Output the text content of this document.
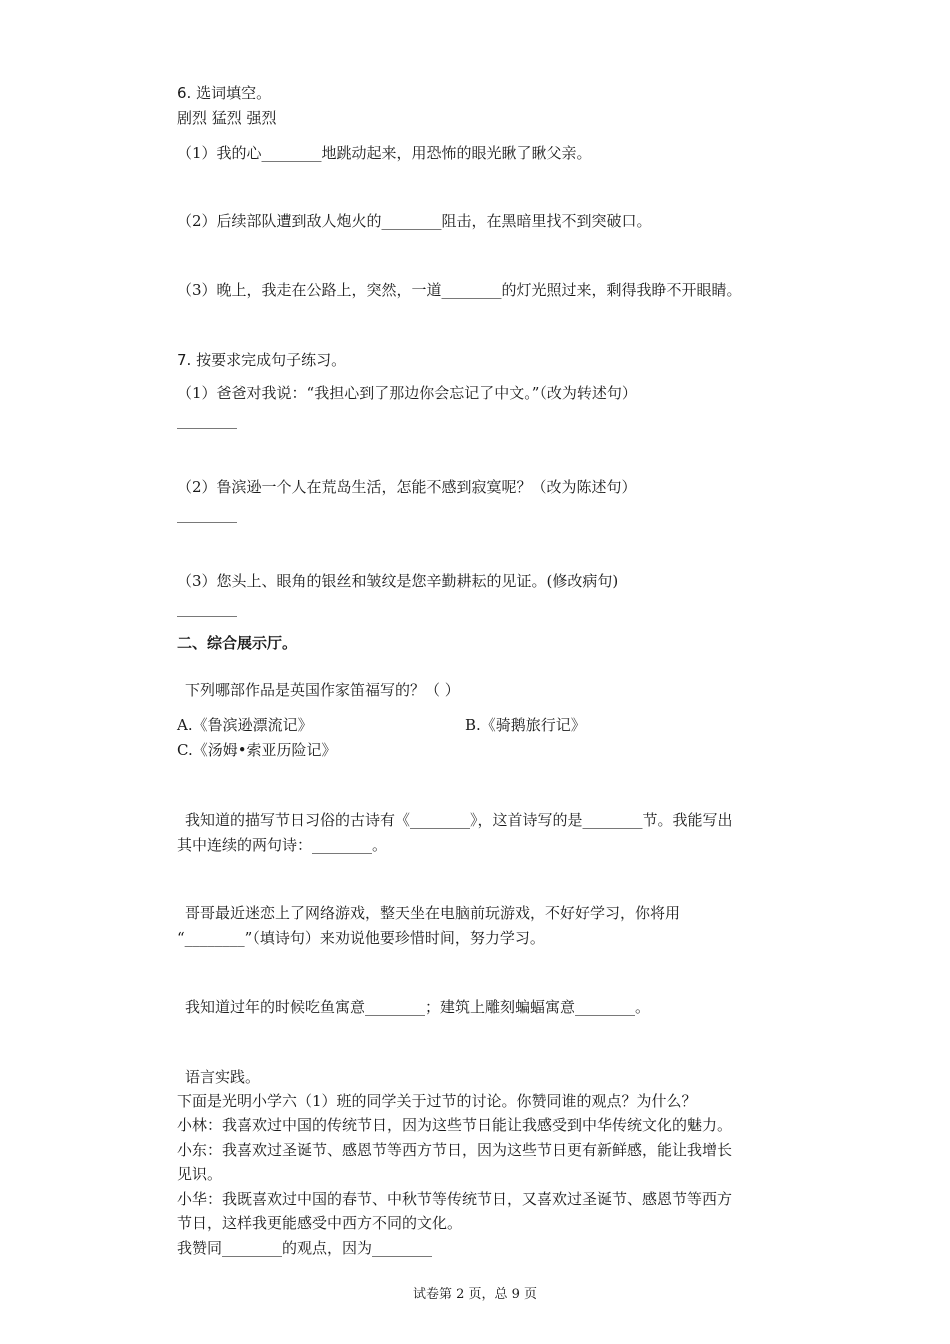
6. 选词填空。

剧烈 猛烈 强烈

（1）我的心________地跳动起来，用恐怖的眼光瞅了瞅父亲。

（2）后续部队遭到敌人炮火的________阻击，在黑暗里找不到突破口。

（3）晚上，我走在公路上，突然，一道________的灯光照过来，剩得我睁不开眼睛。

7. 按要求完成句子练习。

（1）爸爸对我说：“我担心到了那边你会忘记了中文。”（改为转述句）

________

（2）鲁滨逊一个人在荒岛生活，怎能不感到寂寞呢？（改为陈述句）

________

（3）您头上、眼角的银丝和皱纹是您辛勤耕耘的见证。(修改病句)

________

二、综合展示厅。

下列哪部作品是英国作家笛福写的？（ ）

A.《鲁滨逊漂流记》	B.《骑鹅旅行记》

C.《汤姆•索亚历险记》

我知道的描写节日习俗的古诗有《________》，这首诗写的是________节。我能写出

其中连续的两句诗：________。

哥哥最近迷恋上了网络游戏，整天坐在电脑前玩游戏，不好好学习，你将用

“________”（填诗句）来劝说他要珍惜时间，努力学习。

我知道过年的时候吃鱼寓意________；建筑上雕刻蝙蝠寓意________。

语言实践。

下面是光明小学六（1）班的同学关于过节的讨论。你赞同谁的观点？为什么？

小林：我喜欢过中国的传统节日，因为这些节日能让我感受到中华传统文化的魅力。

小东：我喜欢过圣诞节、感恩节等西方节日，因为这些节日更有新鲜感，能让我增长

见识。

小华：我既喜欢过中国的春节、中秋节等传统节日，又喜欢过圣诞节、感恩节等西方

节日，这样我更能感受中西方不同的文化。

我赞同________的观点，因为________

试卷第 2 页，总 9 页
